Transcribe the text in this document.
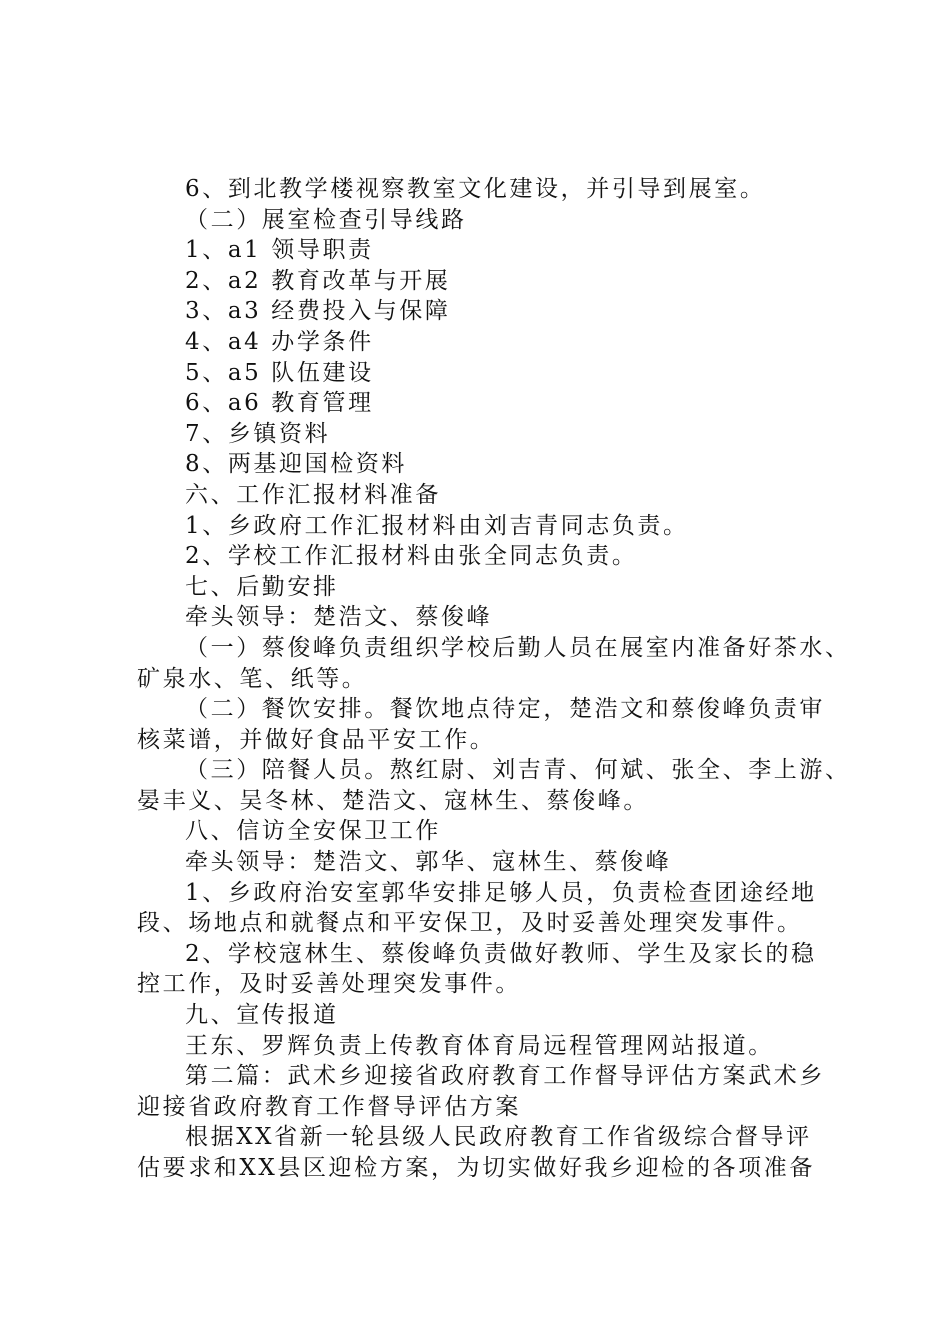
6、到北教学楼视察教室文化建设，并引导到展室。
（二）展室检查引导线路
1、a1 领导职责
2、a2 教育改革与开展
3、a3 经费投入与保障
4、a4 办学条件
5、a5 队伍建设
6、a6 教育管理
7、乡镇资料
8、两基迎国检资料
六、工作汇报材料准备
1、乡政府工作汇报材料由刘吉青同志负责。
2、学校工作汇报材料由张全同志负责。
七、后勤安排
牵头领导：楚浩文、蔡俊峰
（一）蔡俊峰负责组织学校后勤人员在展室内准备好茶水、
矿泉水、笔、纸等。
（二）餐饮安排。餐饮地点待定，楚浩文和蔡俊峰负责审
核菜谱，并做好食品平安工作。
（三）陪餐人员。熬红尉、刘吉青、何斌、张全、李上游、
晏丰义、吴冬林、楚浩文、寇林生、蔡俊峰。
八、信访全安保卫工作
牵头领导：楚浩文、郭华、寇林生、蔡俊峰
1、乡政府治安室郭华安排足够人员，负责检查团途经地
段、场地点和就餐点和平安保卫，及时妥善处理突发事件。
2、学校寇林生、蔡俊峰负责做好教师、学生及家长的稳
控工作，及时妥善处理突发事件。
九、宣传报道
王东、罗辉负责上传教育体育局远程管理网站报道。
第二篇：武术乡迎接省政府教育工作督导评估方案武术乡
迎接省政府教育工作督导评估方案
根据XX省新一轮县级人民政府教育工作省级综合督导评
估要求和XX县区迎检方案，为切实做好我乡迎检的各项准备
